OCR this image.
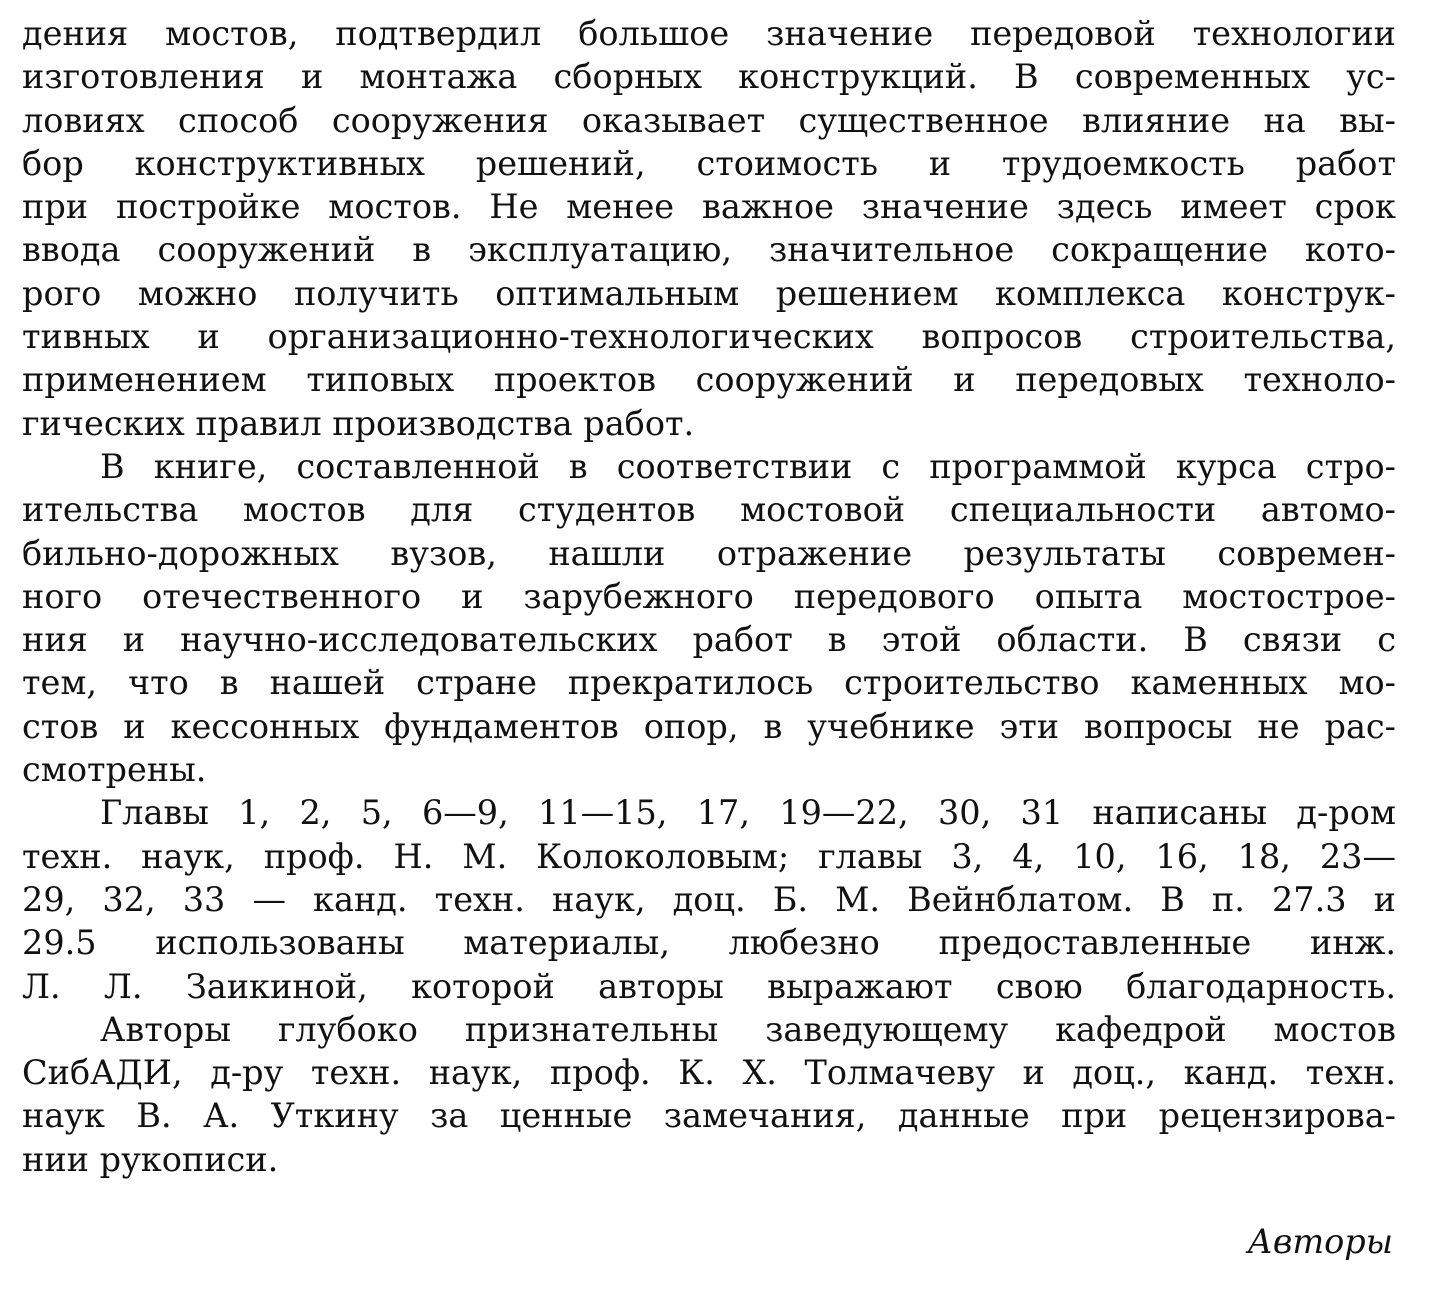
дения мостов, подтвердил большое значение передовой технологии
изготовления и монтажа сборных конструкций. В современных ус-
ловиях способ сооружения оказывает существенное влияние на вы-
бор конструктивных решений, стоимость и трудоемкость работ
при постройке мостов. Не менее важное значение здесь имеет срок
ввода сооружений в эксплуатацию, значительное сокращение кото-
рого можно получить оптимальным решением комплекса конструк-
тивных и организационно-технологических вопросов строительства,
применением типовых проектов сооружений и передовых техноло-
гических правил производства работ.
В книге, составленной в соответствии с программой курса стро-
ительства мостов для студентов мостовой специальности автомо-
бильно-дорожных вузов, нашли отражение результаты современ-
ного отечественного и зарубежного передового опыта мостострое-
ния и научно-исследовательских работ в этой области. В связи с
тем, что в нашей стране прекратилось строительство каменных мо-
стов и кессонных фундаментов опор, в учебнике эти вопросы не рас-
смотрены.
Главы 1, 2, 5, 6—9, 11—15, 17, 19—22, 30, 31 написаны д-ром
техн. наук, проф. Н. М. Колоколовым; главы 3, 4, 10, 16, 18, 23—
29, 32, 33 — канд. техн. наук, доц. Б. М. Вейнблатом. В п. 27.3 и
29.5 использованы материалы, любезно предоставленные инж.
Л. Л. Заикиной, которой авторы выражают свою благодарность.
Авторы глубоко признательны заведующему кафедрой мостов
СибАДИ, д-ру техн. наук, проф. К. Х. Толмачеву и доц., канд. техн.
наук В. А. Уткину за ценные замечания, данные при рецензирова-
нии рукописи.
Авторы
